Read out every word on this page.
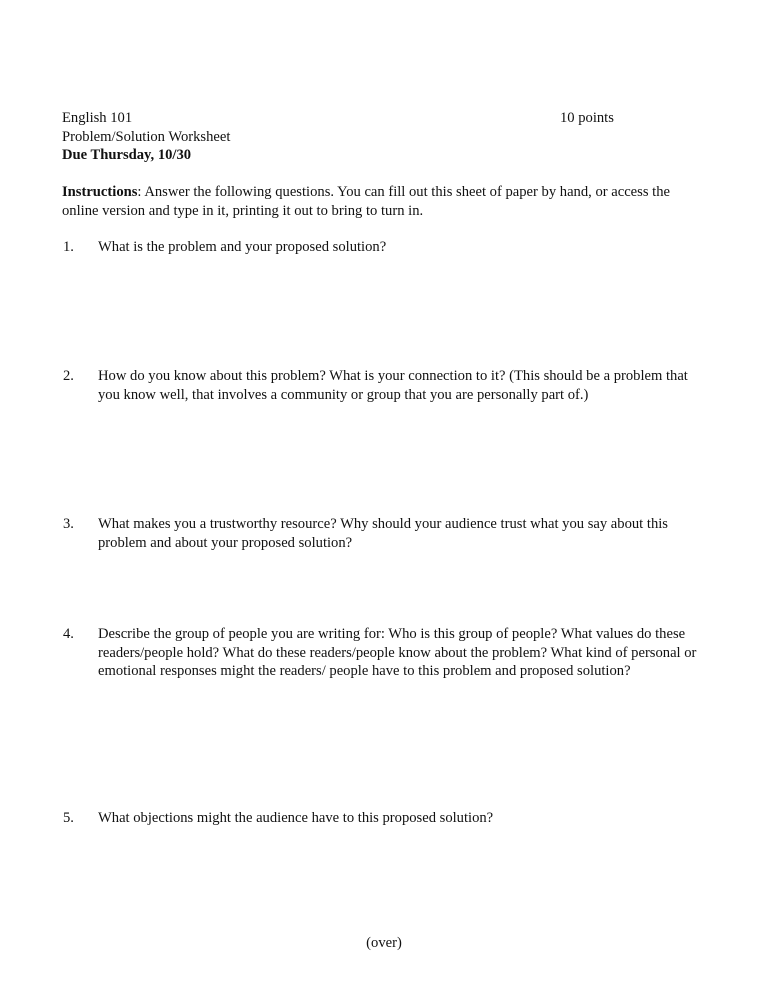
English 101
Problem/Solution Worksheet
Due Thursday, 10/30
10 points
Instructions: Answer the following questions. You can fill out this sheet of paper by hand, or access the online version and type in it, printing it out to bring to turn in.
1. What is the problem and your proposed solution?
2. How do you know about this problem? What is your connection to it? (This should be a problem that you know well, that involves a community or group that you are personally part of.)
3. What makes you a trustworthy resource? Why should your audience trust what you say about this problem and about your proposed solution?
4. Describe the group of people you are writing for: Who is this group of people? What values do these readers/people hold? What do these readers/people know about the problem? What kind of personal or emotional responses might the readers/ people have to this problem and proposed solution?
5. What objections might the audience have to this proposed solution?
(over)
